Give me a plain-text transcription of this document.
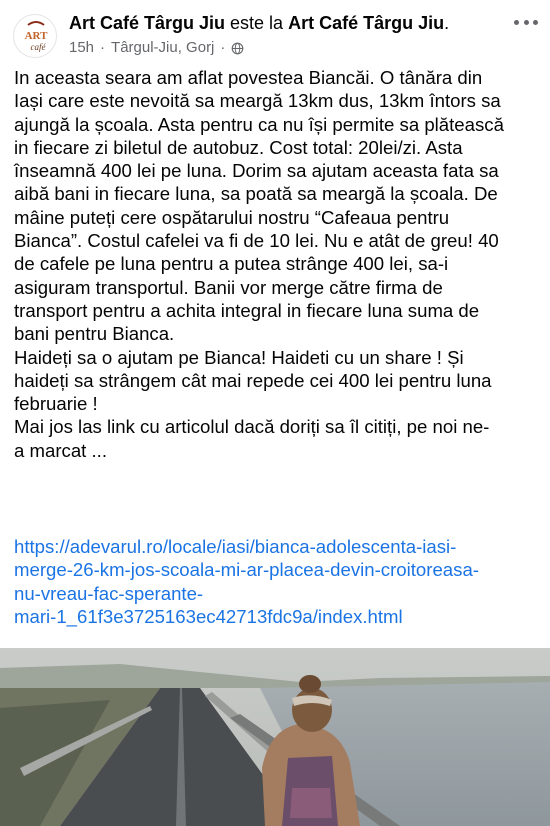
ART
café
Art Café Târgu Jiu este la Art Café Târgu Jiu.
15h · Târgul-Jiu, Gorj ·

In aceasta seara am aflat povestea Biancăi. O tânăra din

Iași care este nevoită sa meargă 13km dus, 13km întors sa

ajungă la școala. Asta pentru ca nu își permite sa plătească

in fiecare zi biletul de autobuz. Cost total: 20lei/zi. Asta

înseamnă 400 lei pe luna. Dorim sa ajutam aceasta fata sa

aibă bani in fiecare luna, sa poată sa meargă la școala. De

mâine puteți cere ospătarului nostru “Cafeaua pentru

Bianca”. Costul cafelei va fi de 10 lei. Nu e atât de greu! 40

de cafele pe luna pentru a putea strânge 400 lei, sa-i

asiguram transportul. Banii vor merge către firma de

transport pentru a achita integral in fiecare luna suma de

bani pentru Bianca.

Haideți sa o ajutam pe Bianca! Haideti cu un share ! Și

haideți sa strângem cât mai repede cei 400 lei pentru luna

februarie !

Mai jos las link cu articolul dacă doriți sa îl citiți, pe noi ne-

a marcat ...

https://adevarul.ro/locale/iasi/bianca-adolescenta-iasi-
merge-26-km-jos-scoala-mi-ar-placea-devin-croitoreasa-
nu-vreau-fac-sperante-
mari-1_61f3e3725163ec42713fdc9a/index.html
